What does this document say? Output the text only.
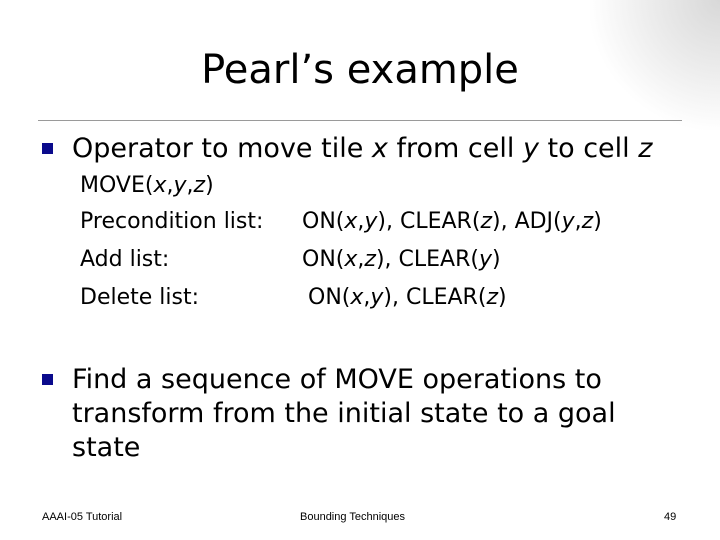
Pearl’s example
Operator to move tile x from cell y to cell z
MOVE(x,y,z)
Precondition list: ON(x,y), CLEAR(z), ADJ(y,z)
Add list:	ON(x,z), CLEAR(y)
Delete list:	ON(x,y), CLEAR(z)
Find a sequence of MOVE operations to transform from the initial state to a goal state
AAAI-05 Tutorial	Bounding Techniques	49
